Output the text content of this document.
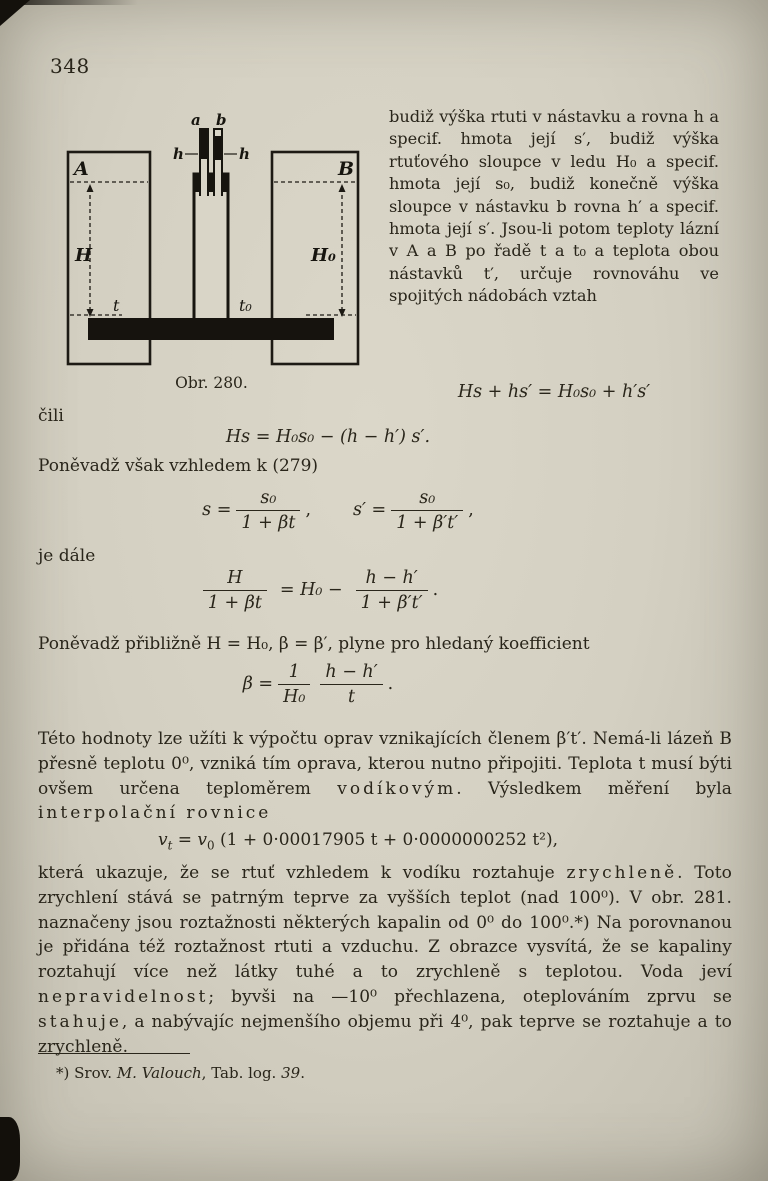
348
A	B
H	H₀
t	t₀
a b
h	h
Obr. 280.
budiž výška rtuti v nástavku a rovna h a specif. hmota její s′, budiž výška rtuťového sloupce v ledu H₀ a specif. hmota její s₀, budiž konečně výška sloupce v nástavku b rovna h′ a specif. hmota její s′. Jsou-li potom teploty lázní v A a B po řadě t a t₀ a teplota obou nástavků t′, určuje rovnováhu ve spojitých nádobách vztah
Hs + hs′ = H₀s₀ + h′s′
čili
Hs = H₀s₀ − (h − h′) s′.
Poněvadž však vzhledem k (279)
$s = \frac{\text{s₀}}{1 + \beta t}$ , $s' = \frac{\text{s₀}}{1 + \beta't'}$ ,
je dále
$\frac{H}{1 + \beta t} = H_0 - \frac{h - h'}{1 + \beta't'}$ .
Poněvadž přibližně H = H₀, β = β′, plyne pro hledaný koefficient
$\beta = \frac{1}{\text{H₀}} \frac{h - h'}{t}$ .
Této hodnoty lze užíti k výpočtu oprav vznikajících členem β′t′. Nemá-li lázeň B přesně teplotu 0⁰, vzniká tím oprava, kterou nutno připojiti. Teplota t musí býti ovšem určena teploměrem vodíkovým. Výsledkem měření byla interpolační rovnice
$v_t = v_0$ (1 + 0·00017905 t + 0·0000000252 t²),
která ukazuje, že se rtuť vzhledem k vodíku roztahuje zrychleně. Toto zrychlení stává se patrným teprve za vyšších teplot (nad 100⁰). V obr. 281. naznačeny jsou roztažnosti některých kapalin od 0⁰ do 100⁰.*) Na porovnanou je přidána též roztažnost rtuti a vzduchu. Z obrazce vysvítá, že se kapaliny roztahují více než látky tuhé a to zrychleně s teplotou. Voda jeví nepravidelnost; byvši na —10⁰ přechlazena, oteplováním zprvu se stahuje, a nabývajíc nejmenšího objemu při 4⁰, pak teprve se roztahuje a to zrychleně.
*) Srov. M. Valouch, Tab. log. 39.
